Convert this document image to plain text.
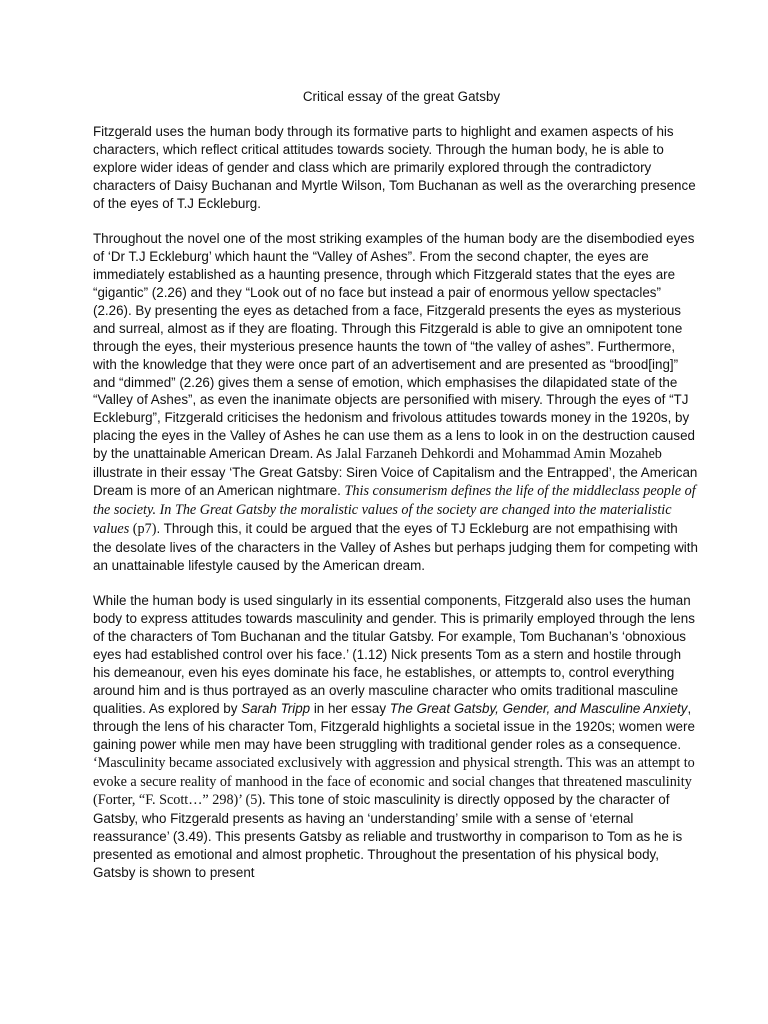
Critical essay of the great Gatsby

Fitzgerald uses the human body through its formative parts to highlight and examen aspects of his characters, which reflect critical attitudes towards society. Through the human body, he is able to explore wider ideas of gender and class which are primarily explored through the contradictory characters of Daisy Buchanan and Myrtle Wilson, Tom Buchanan as well as the overarching presence of the eyes of T.J Eckleburg.

Throughout the novel one of the most striking examples of the human body are the disembodied eyes of ‘Dr T.J Eckleburg’ which haunt the “Valley of Ashes”. From the second chapter, the eyes are immediately established as a haunting presence, through which Fitzgerald states that the eyes are “gigantic” (2.26) and they “Look out of no face but instead a pair of enormous yellow spectacles” (2.26). By presenting the eyes as detached from a face, Fitzgerald presents the eyes as mysterious and surreal, almost as if they are floating. Through this Fitzgerald is able to give an omnipotent tone through the eyes, their mysterious presence haunts the town of “the valley of ashes”. Furthermore, with the knowledge that they were once part of an advertisement and are presented as “brood[ing]” and “dimmed” (2.26) gives them a sense of emotion, which emphasises the dilapidated state of the “Valley of Ashes”, as even the inanimate objects are personified with misery. Through the eyes of “TJ Eckleburg”, Fitzgerald criticises the hedonism and frivolous attitudes towards money in the 1920s, by placing the eyes in the Valley of Ashes he can use them as a lens to look in on the destruction caused by the unattainable American Dream. As Jalal Farzaneh Dehkordi and Mohammad Amin Mozaheb illustrate in their essay ‘The Great Gatsby: Siren Voice of Capitalism and the Entrapped’, the American Dream is more of an American nightmare. This consumerism defines the life of the middleclass people of the society. In The Great Gatsby the moralistic values of the society are changed into the materialistic values (p7). Through this, it could be argued that the eyes of TJ Eckleburg are not empathising with the desolate lives of the characters in the Valley of Ashes but perhaps judging them for competing with an unattainable lifestyle caused by the American dream.

While the human body is used singularly in its essential components, Fitzgerald also uses the human body to express attitudes towards masculinity and gender. This is primarily employed through the lens of the characters of Tom Buchanan and the titular Gatsby. For example, Tom Buchanan’s ‘obnoxious eyes had established control over his face.’ (1.12) Nick presents Tom as a stern and hostile through his demeanour, even his eyes dominate his face, he establishes, or attempts to, control everything around him and is thus portrayed as an overly masculine character who omits traditional masculine qualities. As explored by Sarah Tripp in her essay The Great Gatsby, Gender, and Masculine Anxiety, through the lens of his character Tom, Fitzgerald highlights a societal issue in the 1920s; women were gaining power while men may have been struggling with traditional gender roles as a consequence. ‘Masculinity became associated exclusively with aggression and physical strength. This was an attempt to evoke a secure reality of manhood in the face of economic and social changes that threatened masculinity (Forter, “F. Scott…” 298)’ (5). This tone of stoic masculinity is directly opposed by the character of Gatsby, who Fitzgerald presents as having an ‘understanding’ smile with a sense of ‘eternal reassurance’ (3.49). This presents Gatsby as reliable and trustworthy in comparison to Tom as he is presented as emotional and almost prophetic. Throughout the presentation of his physical body, Gatsby is shown to present
